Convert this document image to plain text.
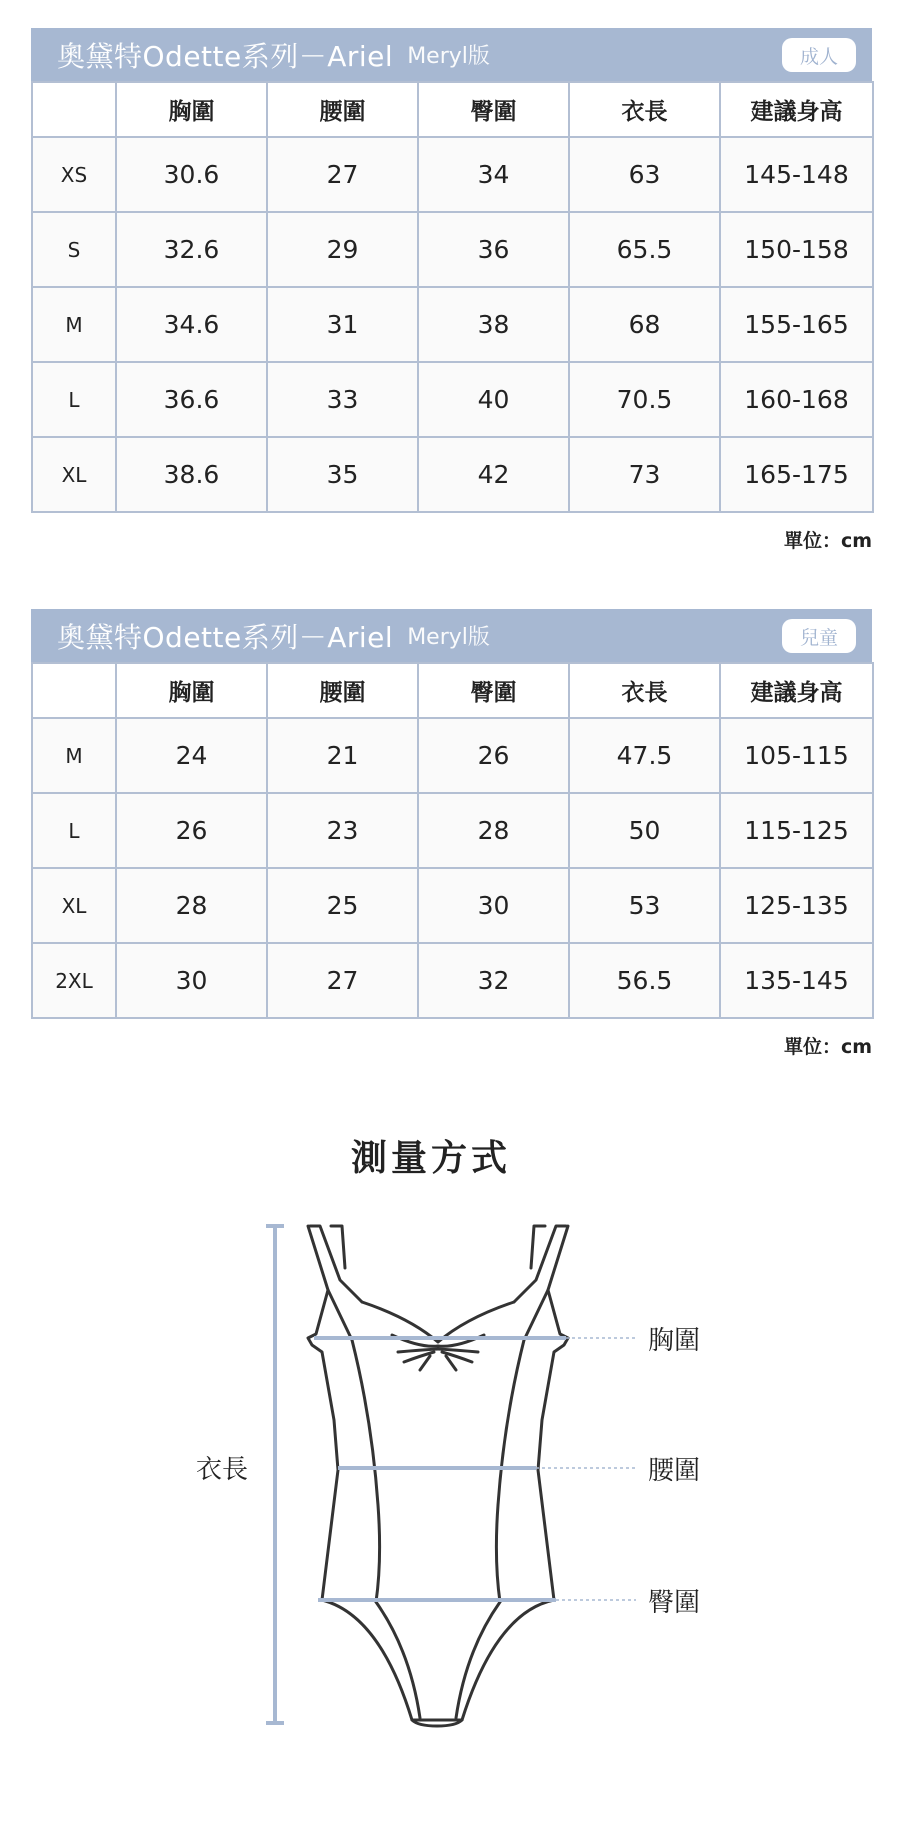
奧黛特Odette系列－Ariel Meryl版	成人
	胸圍	腰圍	臀圍	衣長	建議身高
XS	30.6	27	34	63	145-148
S	32.6	29	36	65.5	150-158
M	34.6	31	38	68	155-165
L	36.6	33	40	70.5	160-168
XL	38.6	35	42	73	165-175
單位：cm
奧黛特Odette系列－Ariel Meryl版	兒童
	胸圍	腰圍	臀圍	衣長	建議身高
M	24	21	26	47.5	105-115
L	26	23	28	50	115-125
XL	28	25	30	53	125-135
2XL	30	27	32	56.5	135-145
單位：cm
測量方式
衣長
胸圍
腰圍
臀圍
